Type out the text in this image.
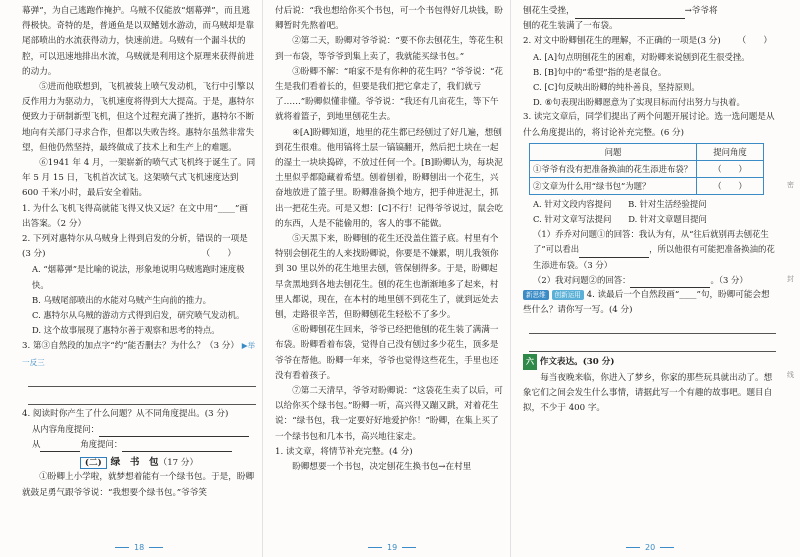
幕弹”，为自己逃跑作掩护。乌贼不仅能放“烟幕弹”，而且逃得极快。奇特的是，普通鱼是以双鳍划水游动，而乌贼却是靠尾部喷出的水流获得动力，快速前进。乌贼有一个漏斗状的腔，可以迅速地排出水流，乌贼就是利用这个原理来获得前进的动力。

⑤进而他联想到，飞机被装上喷气发动机，飞行中引擎以反作用力为驱动力，飞机速度将得到大大提高。于是，惠特尔便致力于研制新型飞机，但这个过程充满了挫折，惠特尔不断地向有关部门寻求合作，但都以失败告终。惠特尔虽然非常失望，但他仍然坚持，最终做成了技术上和生产上的难题。

⑥1941 年 4 月，一架崭新的喷气式飞机终于诞生了。同年 5 月 15 日，飞机首次试飞。这架喷气式飞机速度达到 600 千米/小时，最后安全着陆。

1. 为什么飞机飞得高就能飞得又快又远？在文中用“____”画出答案。（2 分）

2. 下列对惠特尔从乌贼身上得到启发的分析，错误的一项是(3 分)	（　　）

A. “烟幕弹”是比喻的说法，形象地说明乌贼逃跑时速度极快。

B. 乌贼尾部喷出的水能对乌贼产生向前的推力。

C. 惠特尔从乌贼的游动方式得到启发，研究喷气发动机。

D. 这个故事展现了惠特尔善于观察和思考的特点。

3. 第③自然段的加点字“约”能否删去？为什么？（3 分） ▶举一反三

4. 阅读时你产生了什么问题？从不同角度提出。(3 分)

从内容角度提问：

从	角度提问：

(二) 绿　书　包（17 分）

①盼卿上小学啦，就梦想着能有一个绿书包。于是，盼卿就鼓足勇气跟爷爷说：“我想要个绿书包。”爷爷笑

18

付后说：“我也想给你买个书包，可一个书包得好几块钱，盼卿暂时先熬着吧。

②第二天，盼卿对爷爷说：“要不你去刨花生，等花生积到一布袋，等爷爷到集上卖了，我就能买绿书包。”

③盼卿不解：“咱家不是有你种的花生吗？”爷爷说：“花生是我们看着长的，但要是我们把它拿走了，我们就亏了……”盼卿似懂非懂。爷爷说：“我还有几亩花生，等下午就将着篮子，到地里刨花生去。

④[A]盼卿知道，地里的花生都已经刨过了好几遍，想刨到花生很难。他用镐将土层一镐镐翻开，然后把土块在一起的湿土一块块捣碎，不放过任何一个。[B]盼卿认为，每块泥土里似乎都隐藏着希望。刨着刨着，盼卿刨出一个花生，兴奋地放进了篮子里。盼卿准备换个地方，把手伸进泥土，抓出一把花生壳。可是又想：[C]不行！记得爷爷说过，鼠会吃的东西，人是不能偷用的，客人的事不能做。

⑤天黑下来，盼卿刨的花生还没盖住篮子底。村里有个特别会刨花生的人来找盼卿说，你要是不嫌累，明儿我领你到 30 里以外的花生地里去刨，管保刨得多。于是，盼卿起早贪黑地到各地去刨花生。刨的花生也渐渐地多了起来，村里人都说，现在，在本村的地里刨不到花生了，就到远处去刨，走路很辛苦，但盼卿刨花生轻松不了多少。

⑥盼卿刨花生回来，爷爷已经把他刨的花生装了满满一布袋。盼卿看着布袋，觉得自己没有刨过多少花生，顶多是爷爷在帮他。盼卿一年来，爷爷也觉得这些花生，手里也还没有看着孩子。

⑦第二天清早，爷爷对盼卿说：“这袋花生卖了以后，可以给你买个绿书包。”盼卿一听，高兴得又蹦又跳，对着花生说：“绿书包，我一定要好好地爱护你！”盼卿，在集上买了一个绿书包和几本书，高兴地往家走。

1. 读文章，将情节补充完整。(4 分)

盼卿想要一个书包，决定刨花生换书包→在村里

19

刨花生受挫，	→爷爷将

刨的花生装满了一布袋。

2. 对文中盼卿刨花生的理解，不正确的一项是(3 分) （　　）

A. [A]句点明刨花生的困难，对盼卿来说刨到花生很受挫。

B. [B]句中的“希望”指的是老鼠仓。

C. [C]句反映出盼卿的纯朴善良，坚持原则。

D. ⑥句表现出盼卿愿意为了实现目标而付出努力与执着。

3. 读完文章后，同学们提出了两个问题开展讨论。选一选问题是从什么角度提出的，将讨论补充完整。(6 分)

问题	提问角度
①爷爷有没有把准备换油的花生添进布袋？	（　　）
②文章为什么用“绿书包”为题？	（　　）

A. 针对文段内容提问　　 B. 针对生活经验提问

C. 针对文章写法提问　　 D. 针对文章题目提问

（1）乔乔对问题①的回答：我认为有，从“往后就别再去刨花生了”可以看出	，所以他很有可能把准备换油的花生添进布袋。（3 分）

（2）我对问题②的回答：	。（3 分）

新思维 创新运用 4. 读最后一个自然段画“____”句，盼卿可能会想些什么？请你写一写。(4 分)

六 作文表达。(30 分)

每当夜晚来临，你进入了梦乡，你家的那些玩具就出动了。想象它们之间会发生什么事情，请据此写一个有趣的故事吧。题目自拟，不少于 400 字。

20
密
封
线
